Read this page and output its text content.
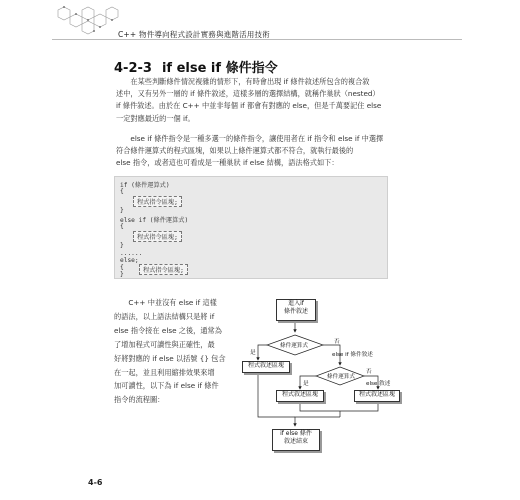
C++ 物件導向程式設計實務與進階活用技術
4-2-3 if else if 條件指令
在某些判斷條件情況複雜的情形下，有時會出現 if 條件敘述所包含的複合敘
述中，又有另外一層的 if 條件敘述，這樣多層的選擇結構，就稱作巢狀（nested）
if 條件敘述。由於在 C++ 中並非每個 if 都會有對應的 else，但是千萬要記住 else
一定對應最近的一個 if。
else if 條件指令是一種多選一的條件指令，讓使用者在 if 指令和 else if 中選擇
符合條件運算式的程式區塊，如果以上條件運算式都不符合，就執行最後的
else 指令，或者這也可看成是一種巢狀 if else 結構，語法格式如下：
if (條件運算式)
{
程式指令區塊;
}
else if (條件運算式)
{
程式指令區塊;
}
......
else;
{	程式指令區塊;
}
C++ 中並沒有 else if 這樣
的語法，以上語法結構只是將 if
else 指令接在 else 之後，通常為
了增加程式可讀性與正確性，最
好將對應的 if else 以括號 {} 包含
在一起，並且利用縮排效果來增
加可讀性，以下為 if else if 條件
指令的流程圖：
進入if
條件敘述
條件運算式
是
否
else if 條件敘述
程式敘述區塊
條件運算式
是
否
else 敘述
程式敘述區塊	程式敘述區塊
if else 條件
敘述結束
4-6
